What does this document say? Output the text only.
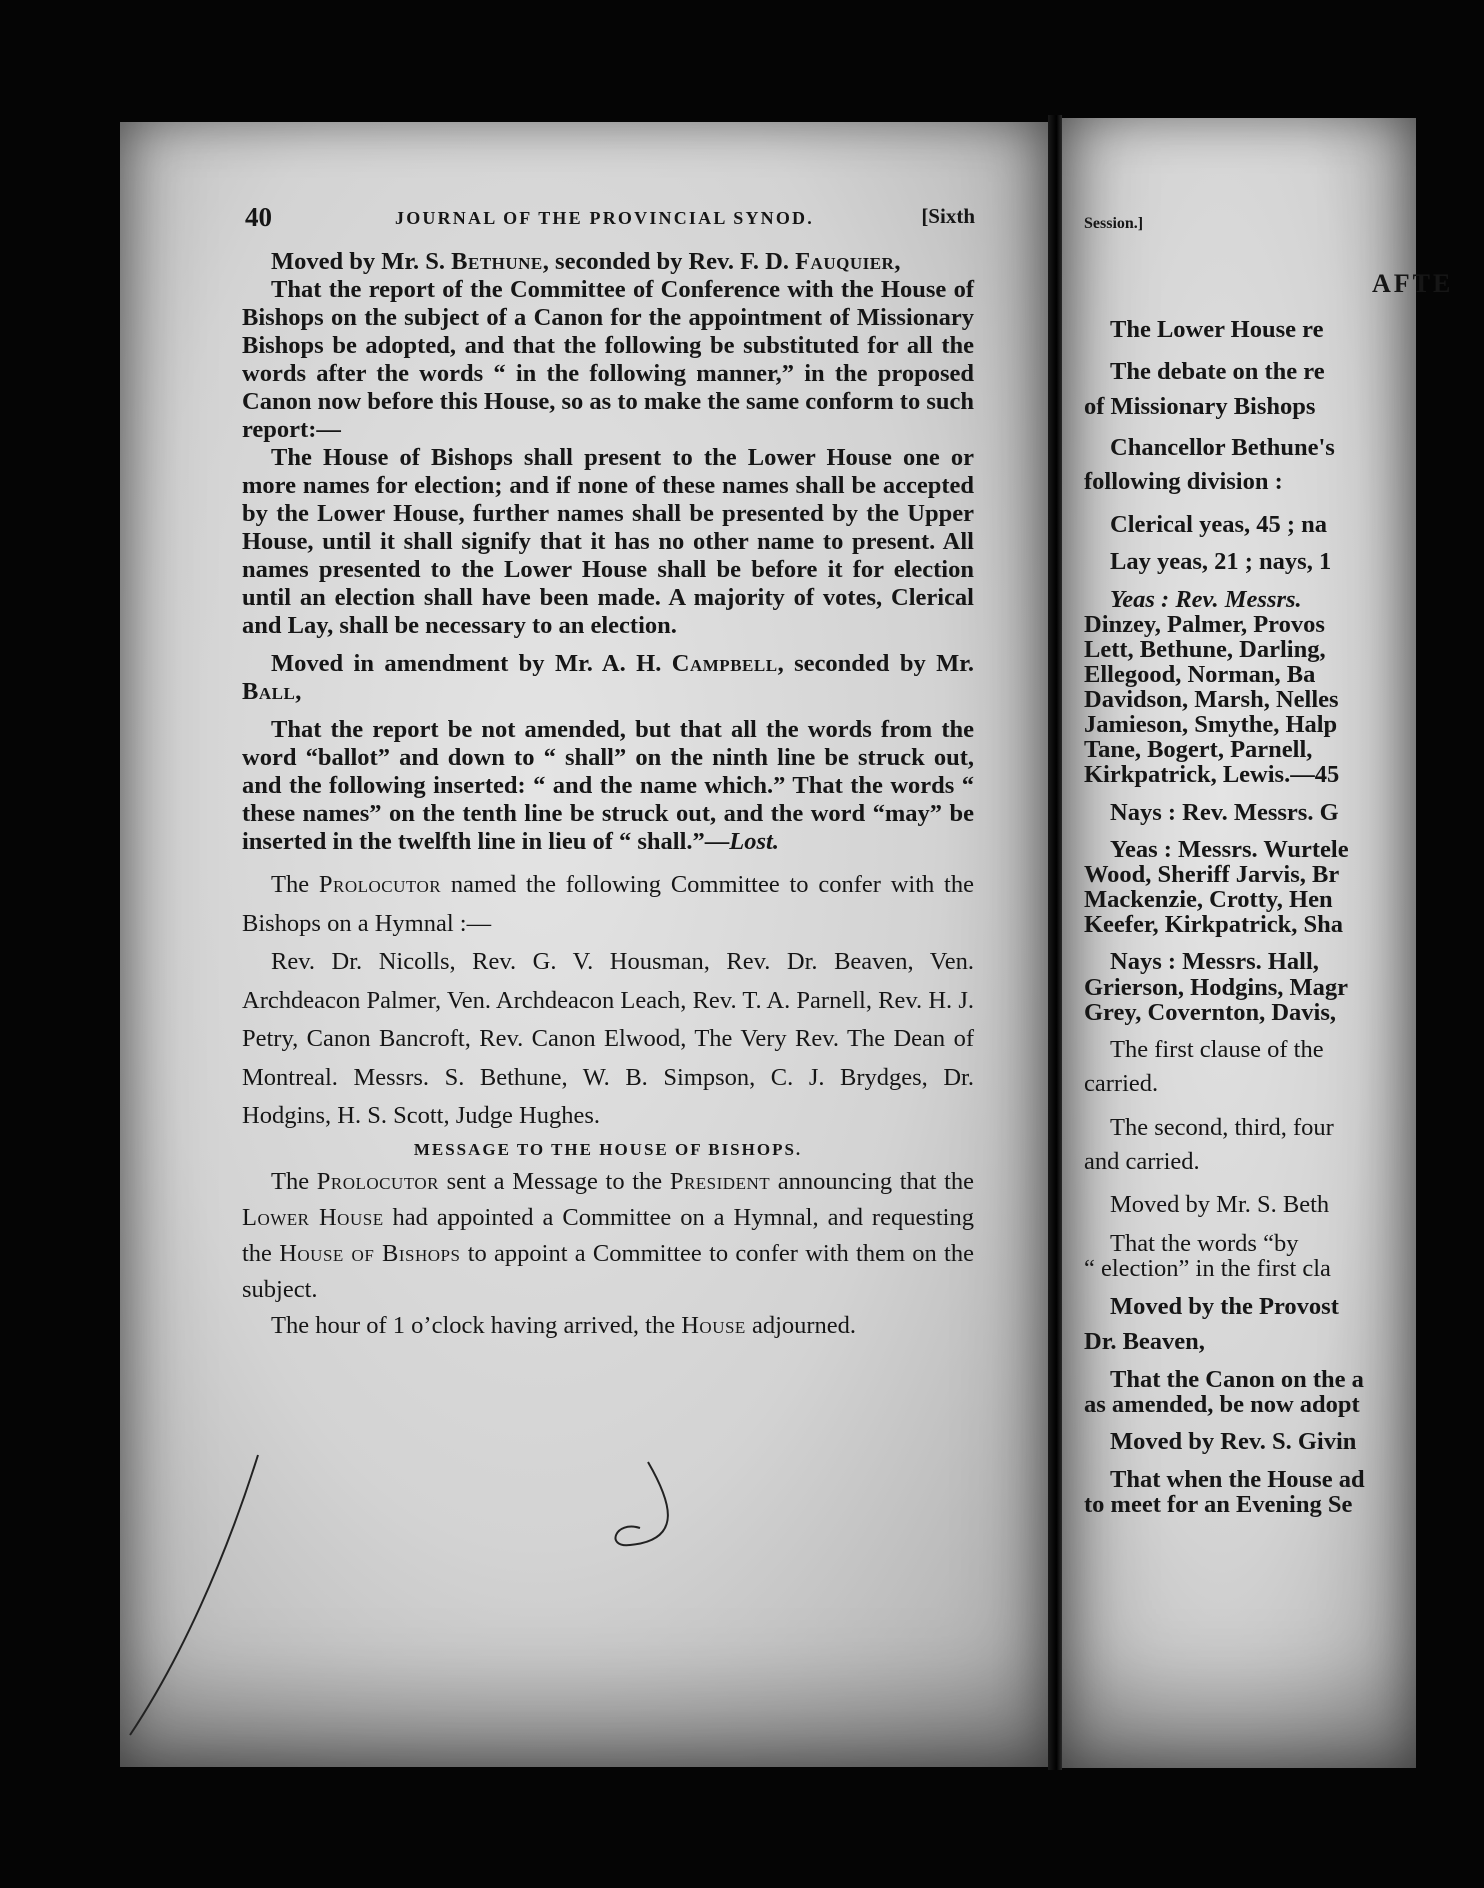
Session.]
AFTE
The Lower House re
The debate on the re
of Missionary Bishops
Chancellor Bethune's
following division :
Clerical yeas, 45 ; na
Lay yeas, 21 ; nays, 1
Yeas : Rev. Messrs.
Dinzey, Palmer, Provos
Lett, Bethune, Darling,
Ellegood, Norman, Ba
Davidson, Marsh, Nelles
Jamieson, Smythe, Halp
Tane, Bogert, Parnell,
Kirkpatrick, Lewis.—45
Nays : Rev. Messrs. G
Yeas : Messrs. Wurtele
Wood, Sheriff Jarvis, Br
Mackenzie, Crotty, Hen
Keefer, Kirkpatrick, Sha
Nays : Messrs. Hall,
Grierson, Hodgins, Magr
Grey, Covernton, Davis,
The first clause of the
carried.
The second, third, four
and carried.
Moved by Mr. S. Beth
That the words “by
“ election” in the first cla
Moved by the Provost
Dr. Beaven,
That the Canon on the a
as amended, be now adopt
Moved by Rev. S. Givin
That when the House ad
to meet for an Evening Se
40	JOURNAL OF THE PROVINCIAL SYNOD.	[Sixth

Moved by Mr. S. Bethune, seconded by Rev. F. D. Fauquier,

That the report of the Committee of Conference with the House of Bishops on the subject of a Canon for the appointment of Missionary Bishops be adopted, and that the following be substituted for all the words after the words “ in the following manner,” in the proposed Canon now before this House, so as to make the same conform to such report:—

The House of Bishops shall present to the Lower House one or more names for election; and if none of these names shall be accepted by the Lower House, further names shall be presented by the Upper House, until it shall signify that it has no other name to present. All names presented to the Lower House shall be before it for election until an election shall have been made. A majority of votes, Clerical and Lay, shall be necessary to an election.

Moved in amendment by Mr. A. H. Campbell, seconded by Mr. Ball,

That the report be not amended, but that all the words from the word “ballot” and down to “ shall” on the ninth line be struck out, and the following inserted: “ and the name which.” That the words “ these names” on the tenth line be struck out, and the word “may” be inserted in the twelfth line in lieu of “ shall.”—Lost.

The Prolocutor named the following Committee to confer with the Bishops on a Hymnal :—

Rev. Dr. Nicolls, Rev. G. V. Housman, Rev. Dr. Beaven, Ven. Archdeacon Palmer, Ven. Archdeacon Leach, Rev. T. A. Parnell, Rev. H. J. Petry, Canon Bancroft, Rev. Canon Elwood, The Very Rev. The Dean of Montreal. Messrs. S. Bethune, W. B. Simpson, C. J. Brydges, Dr. Hodgins, H. S. Scott, Judge Hughes.

MESSAGE TO THE HOUSE OF BISHOPS.

The Prolocutor sent a Message to the President announcing that the Lower House had appointed a Committee on a Hymnal, and requesting the House of Bishops to appoint a Committee to confer with them on the subject.

The hour of 1 o’clock having arrived, the House adjourned.
